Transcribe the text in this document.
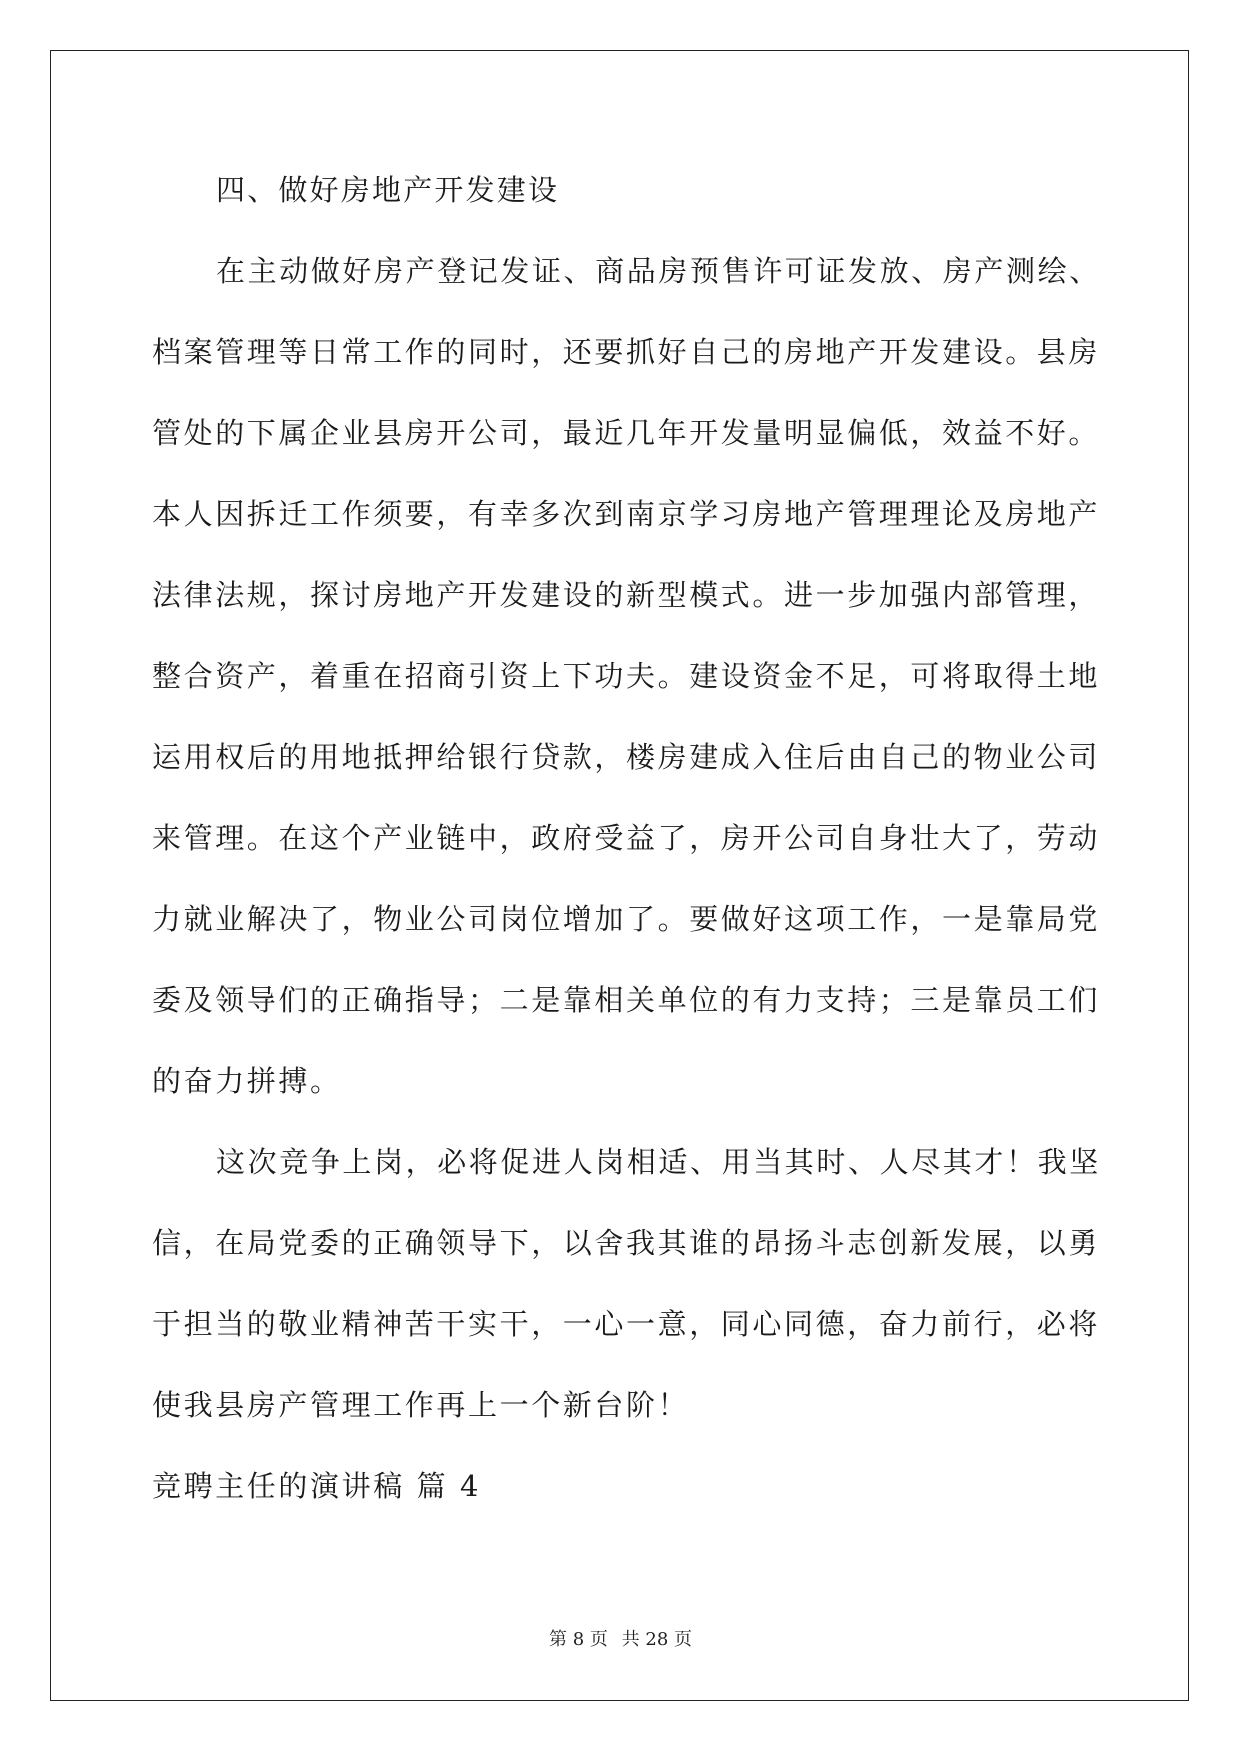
四、做好房地产开发建设
在主动做好房产登记发证、商品房预售许可证发放、房产测绘、
档案管理等日常工作的同时，还要抓好自己的房地产开发建设。县房
管处的下属企业县房开公司，最近几年开发量明显偏低，效益不好。
本人因拆迁工作须要，有幸多次到南京学习房地产管理理论及房地产
法律法规，探讨房地产开发建设的新型模式。进一步加强内部管理，
整合资产，着重在招商引资上下功夫。建设资金不足，可将取得土地
运用权后的用地抵押给银行贷款，楼房建成入住后由自己的物业公司
来管理。在这个产业链中，政府受益了，房开公司自身壮大了，劳动
力就业解决了，物业公司岗位增加了。要做好这项工作，一是靠局党
委及领导们的正确指导；二是靠相关单位的有力支持；三是靠员工们
的奋力拼搏。
这次竞争上岗，必将促进人岗相适、用当其时、人尽其才！我坚
信，在局党委的正确领导下，以舍我其谁的昂扬斗志创新发展，以勇
于担当的敬业精神苦干实干，一心一意，同心同德，奋力前行，必将
使我县房产管理工作再上一个新台阶！
竞聘主任的演讲稿 篇 4
第 8 页 共 28 页
